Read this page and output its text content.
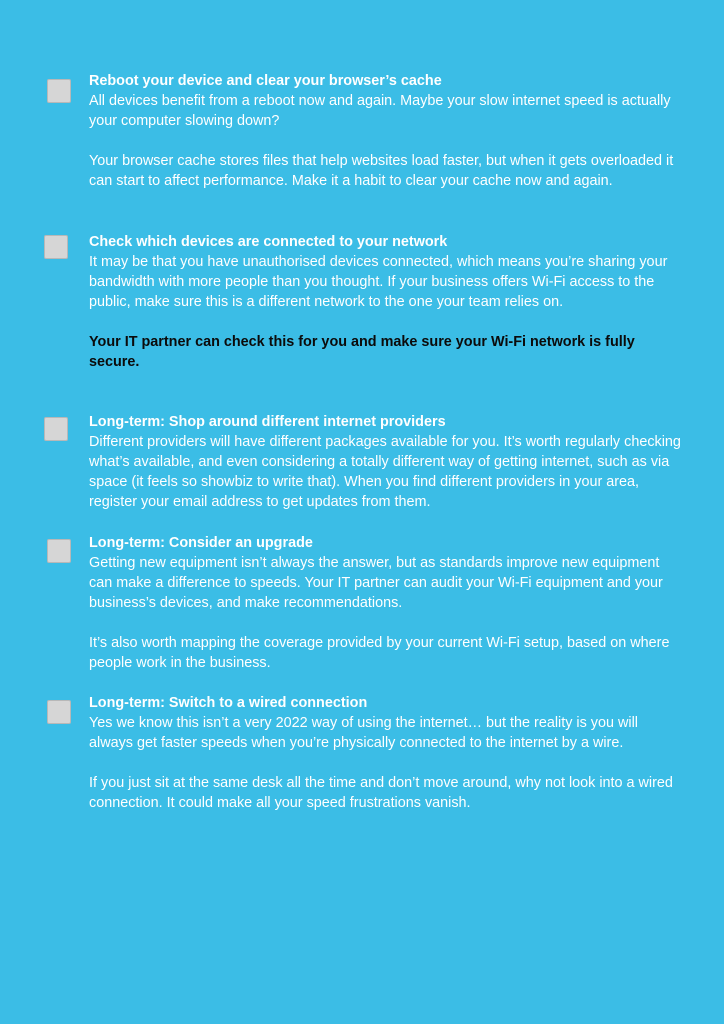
Reboot your device and clear your browser’s cache

All devices benefit from a reboot now and again. Maybe your slow internet speed is actually your computer slowing down?

Your browser cache stores files that help websites load faster, but when it gets overloaded it can start to affect performance. Make it a habit to clear your cache now and again.

Check which devices are connected to your network

It may be that you have unauthorised devices connected, which means you’re sharing your bandwidth with more people than you thought. If your business offers Wi-Fi access to the public, make sure this is a different network to the one your team relies on.

Your IT partner can check this for you and make sure your Wi-Fi network is fully secure.

Long-term: Shop around different internet providers

Different providers will have different packages available for you. It’s worth regularly checking what’s available, and even considering a totally different way of getting internet, such as via space (it feels so showbiz to write that). When you find different providers in your area, register your email address to get updates from them.

Long-term: Consider an upgrade

Getting new equipment isn’t always the answer, but as standards improve new equipment can make a difference to speeds. Your IT partner can audit your Wi-Fi equipment and your business’s devices, and make recommendations.

It’s also worth mapping the coverage provided by your current Wi-Fi setup, based on where people work in the business.

Long-term: Switch to a wired connection

Yes we know this isn’t a very 2022 way of using the internet… but the reality is you will always get faster speeds when you’re physically connected to the internet by a wire.

If you just sit at the same desk all the time and don’t move around, why not look into a wired connection. It could make all your speed frustrations vanish.
